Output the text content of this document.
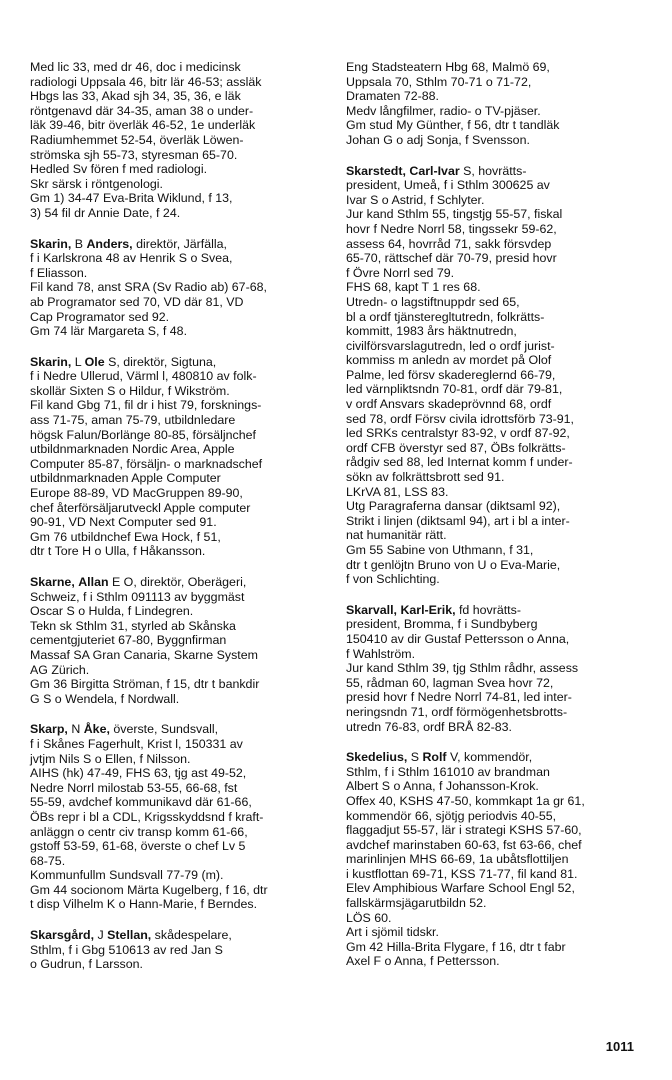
Med lic 33, med dr 46, doc i medicinsk
radiologi Uppsala 46, bitr lär 46-53; assläk
Hbgs las 33, Akad sjh 34, 35, 36, e läk
röntgenavd där 34-35, aman 38 o under-
läk 39-46, bitr överläk 46-52, 1e underläk
Radiumhemmet 52-54, överläk Löwen-
strömska sjh 55-73, styresman 65-70.
Hedled Sv fören f med radiologi.
Skr särsk i röntgenologi.
Gm 1) 34-47 Eva-Brita Wiklund, f 13,
3) 54 fil dr Annie Date, f 24.
Skarin, B Anders, direktör, Järfälla,
f i Karlskrona 48 av Henrik S o Svea,
f Eliasson.
Fil kand 78, anst SRA (Sv Radio ab) 67-68,
ab Programator sed 70, VD där 81, VD
Cap Programator sed 92.
Gm 74 lär Margareta S, f 48.
Skarin, L Ole S, direktör, Sigtuna,
f i Nedre Ullerud, Värml l, 480810 av folk-
skollär Sixten S o Hildur, f Wikström.
Fil kand Gbg 71, fil dr i hist 79, forsknings-
ass 71-75, aman 75-79, utbildnledare
högsk Falun/Borlänge 80-85, försäljnchef
utbildnmarknaden Nordic Area, Apple
Computer 85-87, försäljn- o marknadschef
utbildnmarknaden Apple Computer
Europe 88-89, VD MacGruppen 89-90,
chef återförsäljarutveckl Apple computer
90-91, VD Next Computer sed 91.
Gm 76 utbildnchef Ewa Hock, f 51,
dtr t Tore H o Ulla, f Håkansson.
Skarne, Allan E O, direktör, Oberägeri,
Schweiz, f i Sthlm 091113 av byggmäst
Oscar S o Hulda, f Lindegren.
Tekn sk Sthlm 31, styrled ab Skånska
cementgjuteriet 67-80, Byggnfirman
Massaf SA Gran Canaria, Skarne System
AG Zürich.
Gm 36 Birgitta Ströman, f 15, dtr t bankdir
G S o Wendela, f Nordwall.
Skarp, N Åke, överste, Sundsvall,
f i Skånes Fagerhult, Krist l, 150331 av
jvtjm Nils S o Ellen, f Nilsson.
AIHS (hk) 47-49, FHS 63, tjg ast 49-52,
Nedre Norrl milostab 53-55, 66-68, fst
55-59, avdchef kommunikavd där 61-66,
ÖBs repr i bl a CDL, Krigsskyddsnd f kraft-
anläggn o centr civ transp komm 61-66,
gstoff 53-59, 61-68, överste o chef Lv 5
68-75.
Kommunfullm Sundsvall 77-79 (m).
Gm 44 socionom Märta Kugelberg, f 16, dtr
t disp Vilhelm K o Hann-Marie, f Berndes.
Skarsgård, J Stellan, skådespelare,
Sthlm, f i Gbg 510613 av red Jan S
o Gudrun, f Larsson.
Eng Stadsteatern Hbg 68, Malmö 69,
Uppsala 70, Sthlm 70-71 o 71-72,
Dramaten 72-88.
Medv långfilmer, radio- o TV-pjäser.
Gm stud My Günther, f 56, dtr t tandläk
Johan G o adj Sonja, f Svensson.
Skarstedt, Carl-Ivar S, hovrätts-
president, Umeå, f i Sthlm 300625 av
Ivar S o Astrid, f Schlyter.
Jur kand Sthlm 55, tingstjg 55-57, fiskal
hovr f Nedre Norrl 58, tingssekr 59-62,
assess 64, hovrråd 71, sakk försvdep
65-70, rättschef där 70-79, presid hovr
f Övre Norrl sed 79.
FHS 68, kapt T 1 res 68.
Utredn- o lagstiftnuppdr sed 65,
bl a ordf tjänsteregltutredn, folkrätts-
kommitt, 1983 års häktnutredn,
civilförsvarslagutredn, led o ordf jurist-
kommiss m anledn av mordet på Olof
Palme, led försv skadereglernd 66-79,
led värnpliktsndn 70-81, ordf där 79-81,
v ordf Ansvars skadeprövnnd 68, ordf
sed 78, ordf Försv civila idrottsförb 73-91,
led SRKs centralstyr 83-92, v ordf 87-92,
ordf CFB överstyr sed 87, ÖBs folkrätts-
rådgiv sed 88, led Internat komm f under-
sökn av folkrättsbrott sed 91.
LKrVA 81, LSS 83.
Utg Paragraferna dansar (diktsaml 92),
Strikt i linjen (diktsaml 94), art i bl a inter-
nat humanitär rätt.
Gm 55 Sabine von Uthmann, f 31,
dtr t genlöjtn Bruno von U o Eva-Marie,
f von Schlichting.
Skarvall, Karl-Erik, fd hovrätts-
president, Bromma, f i Sundbyberg
150410 av dir Gustaf Pettersson o Anna,
f Wahlström.
Jur kand Sthlm 39, tjg Sthlm rådhr, assess
55, rådman 60, lagman Svea hovr 72,
presid hovr f Nedre Norrl 74-81, led inter-
neringsndn 71, ordf förmögenhetsbrotts-
utredn 76-83, ordf BRÅ 82-83.
Skedelius, S Rolf V, kommendör,
Sthlm, f i Sthlm 161010 av brandman
Albert S o Anna, f Johansson-Krok.
Offex 40, KSHS 47-50, kommkapt 1a gr 61,
kommendör 66, sjötjg periodvis 40-55,
flaggadjut 55-57, lär i strategi KSHS 57-60,
avdchef marinstaben 60-63, fst 63-66, chef
marinlinjen MHS 66-69, 1a ubåtsflottiljen
i kustflottan 69-71, KSS 71-77, fil kand 81.
Elev Amphibious Warfare School Engl 52,
fallskärmsjägarutbildn 52.
LÖS 60.
Art i sjömil tidskr.
Gm 42 Hilla-Brita Flygare, f 16, dtr t fabr
Axel F o Anna, f Pettersson.
1011
